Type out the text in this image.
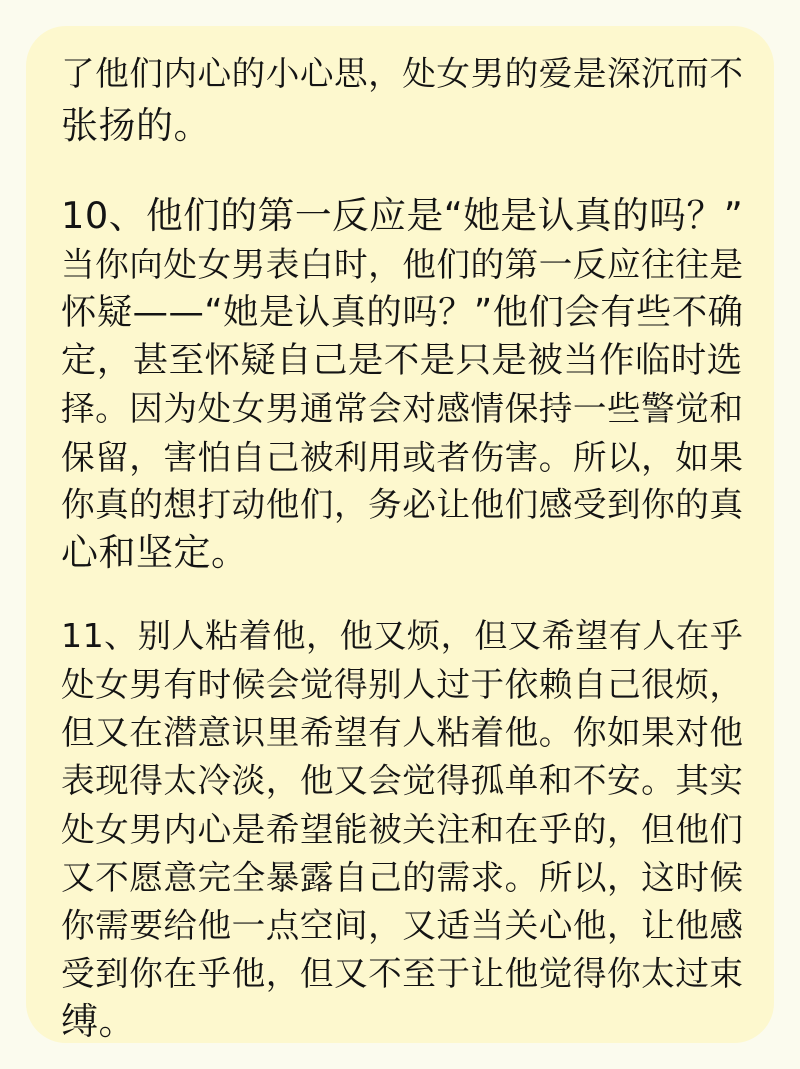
了他们内心的小心思，处女男的爱是深沉而不
张扬的。
10、他们的第一反应是“她是认真的吗？”
当你向处女男表白时，他们的第一反应往往是
怀疑——“她是认真的吗？”他们会有些不确
定，甚至怀疑自己是不是只是被当作临时选
择。因为处女男通常会对感情保持一些警觉和
保留，害怕自己被利用或者伤害。所以，如果
你真的想打动他们，务必让他们感受到你的真
心和坚定。
11、别人粘着他，他又烦，但又希望有人在乎
处女男有时候会觉得别人过于依赖自己很烦，
但又在潜意识里希望有人粘着他。你如果对他
表现得太冷淡，他又会觉得孤单和不安。其实
处女男内心是希望能被关注和在乎的，但他们
又不愿意完全暴露自己的需求。所以，这时候
你需要给他一点空间，又适当关心他，让他感
受到你在乎他，但又不至于让他觉得你太过束
缚。
